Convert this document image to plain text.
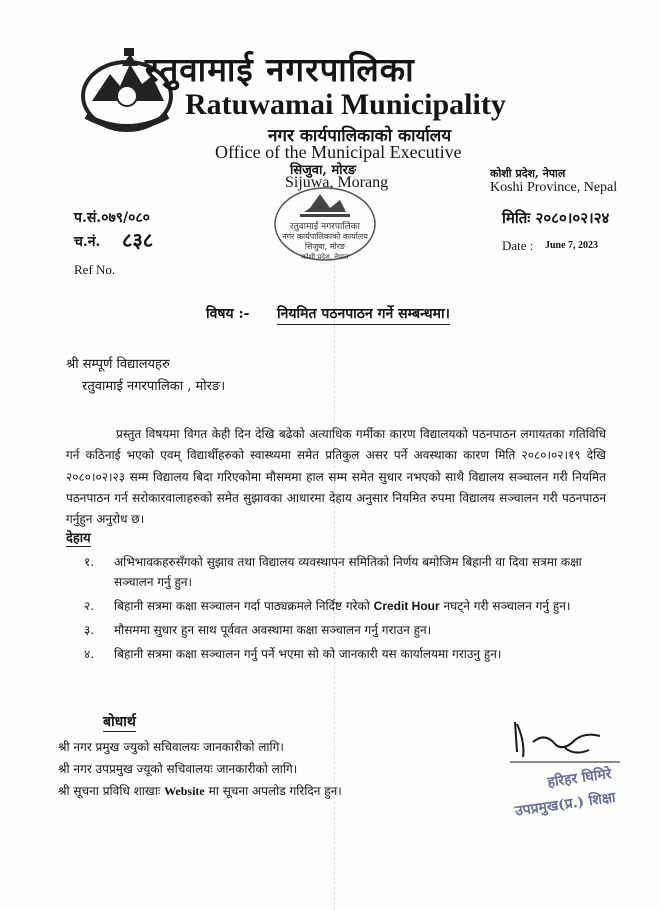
रतुवामाई नगरपालिका
Ratuwamai Municipality
नगर कार्यपालिकाको कार्यालय
Office of the Municipal Executive
सिजुवा, मोरङ
Sijuwa, Morang
कोशी प्रदेश, नेपाल
Koshi Province, Nepal
रतुवामाई नगरपालिका
नगर कार्यपालिकाको कार्यालय
सिजुवा, मोरङ
कोशी प्रदेश, नेपाल
प.सं.०७९/०८०
च.नं. ८३८
Ref No.
मितिः २०८०।०२।२४
Date : June 7, 2023
विषय :- नियमित पठनपाठन गर्ने सम्बन्धमा।
श्री सम्पूर्ण विद्यालयहरु
रतुवामाई नगरपालिका , मोरङ।
प्रस्तुत विषयमा विगत केही दिन देखि बढेको अत्याधिक गर्मीका कारण विद्यालयको पठनपाठन लगायतका गतिविधि गर्न कठिनाई भएको एवम् विद्यार्थीहरुको स्वास्थ्यमा समेत प्रतिकुल असर पर्ने अवस्थाका कारण मिति २०८०।०२।१९ देखि २०८०।०२।२३ सम्म विद्यालय बिदा गरिएकोमा मौसममा हाल सम्म समेत सुधार नभएको साथै विद्यालय सञ्चालन गरी नियमित पठनपाठन गर्न सरोकारवालाहरुको समेत सुझावका आधारमा देहाय अनुसार नियमित रुपमा विद्यालय सञ्चालन गरी पठनपाठन गर्नुहुन अनुरोध छ।
देहाय
१. अभिभावकहरुसँगको सुझाव तथा विद्यालय व्यवस्थापन समितिको निर्णय बमोजिम बिहानी वा दिवा सत्रमा कक्षा सञ्चालन गर्नु हुन।
२. बिहानी सत्रमा कक्षा सञ्चालन गर्दा पाठ्यक्रमले निर्दिष्ट गरेको Credit Hour नघट्ने गरी सञ्चालन गर्नु हुन।
३. मौसममा सुधार हुन साथ पूर्ववत अवस्थामा कक्षा सञ्चालन गर्नु गराउन हुन।
४. बिहानी सत्रमा कक्षा सञ्चालन गर्नु पर्ने भएमा सो को जानकारी यस कार्यालयमा गराउनु हुन।
बोधार्थ
श्री नगर प्रमुख ज्युको सचिवालयः जानकारीको लागि।
श्री नगर उपप्रमुख ज्यूको सचिवालयः जानकारीको लागि।
श्री सूचना प्रविधि शाखाः Website मा सूचना अपलोड गरिदिन हुन।
हरिहर घिमिरे
उपप्रमुख(प्र.) शिक्षा
